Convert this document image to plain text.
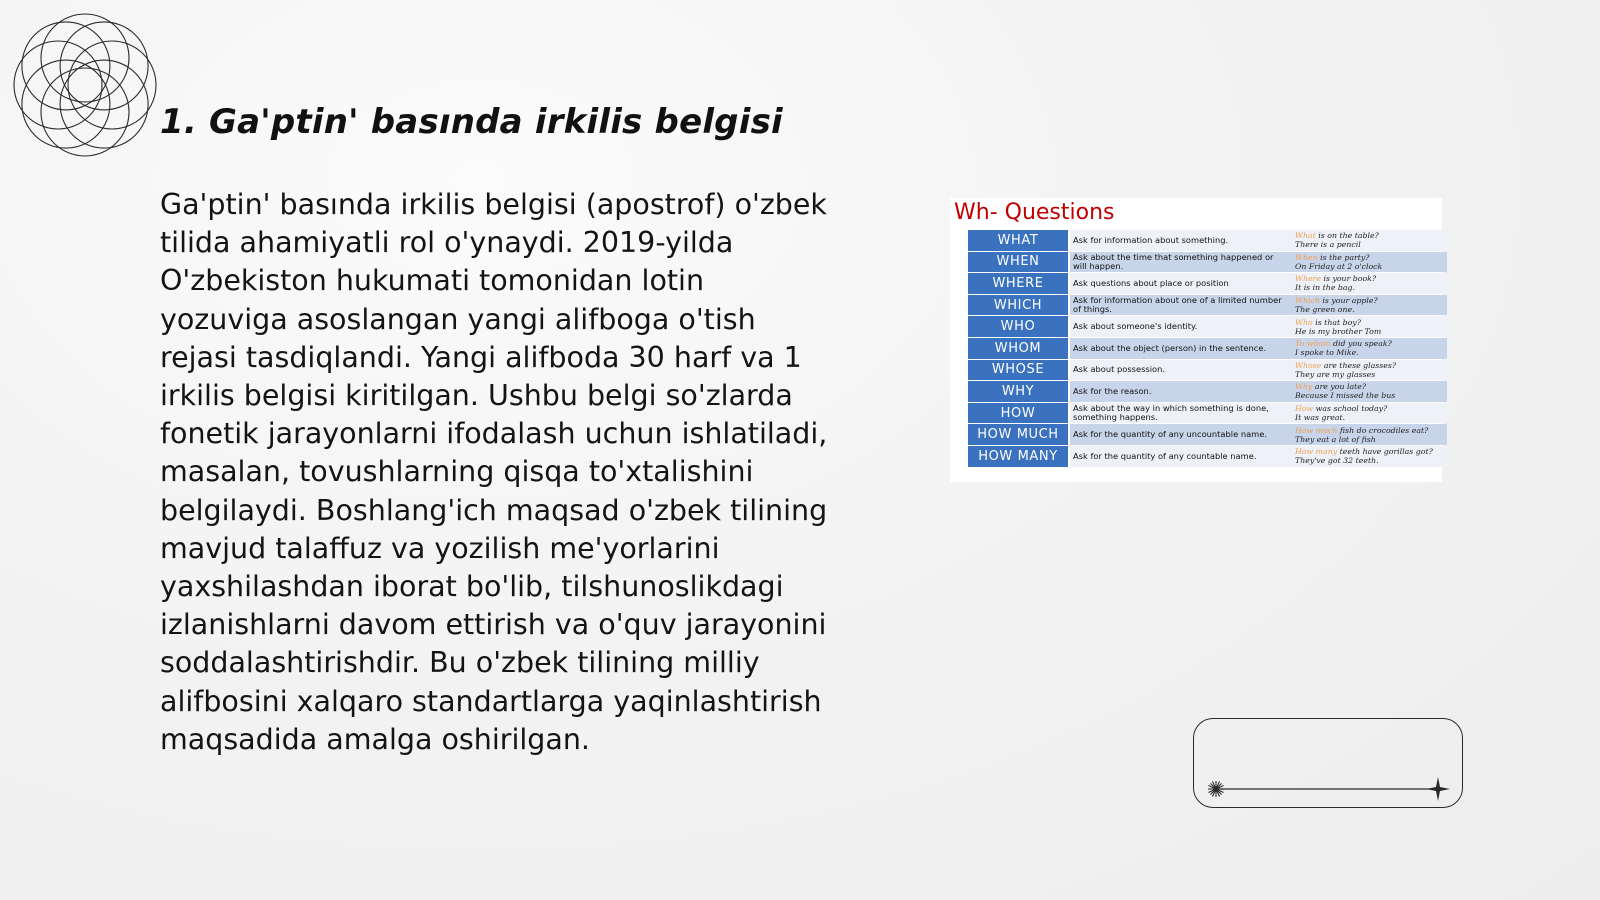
1. Ga'ptin' basında irkilis belgisi

Ga'ptin' basında irkilis belgisi (apostrof) o'zbek tilida ahamiyatli rol o'ynaydi. 2019-yilda O'zbekiston hukumati tomonidan lotin yozuviga asoslangan yangi alifboga o'tish rejasi tasdiqlandi. Yangi alifboda 30 harf va 1 irkilis belgisi kiritilgan. Ushbu belgi so'zlarda fonetik jarayonlarni ifodalash uchun ishlatiladi, masalan, tovushlarning qisqa to'xtalishini belgilaydi. Boshlang'ich maqsad o'zbek tilining mavjud talaffuz va yozilish me'yorlarini yaxshilashdan iborat bo'lib, tilshunoslikdagi izlanishlarni davom ettirish va o'quv jarayonini soddalashtirishdir. Bu o'zbek tilining milliy alifbosini xalqaro standartlarga yaqinlashtirish maqsadida amalga oshirilgan.

Wh- Questions
WHAT	Ask for information about something.	What is on the table?
There is a pencil

WHEN	Ask about the time that something happened or will happen.	When is the party?
On Friday at 2 o'clock

WHERE	Ask questions about place or position	Where is your book?
It is in the bag.

WHICH	Ask for information about one of a limited number of things.	Which is your apple?
The green one.

WHO	Ask about someone's identity.	Who is that boy?
He is my brother Tom

WHOM	Ask about the object (person) in the sentence.	To whom did you speak?
I spoke to Mike.

WHOSE	Ask about possession.	Whose are these glasses?
They are my glasses

WHY	Ask for the reason.	Why are you late?
Because I missed the bus

HOW	Ask about the way in which something is done, something happens.	How was school today?
It was great.

HOW MUCH	Ask for the quantity of any uncountable name.	How much fish do crocodiles eat?
They eat a lot of fish

HOW MANY	Ask for the quantity of any countable name.	How many teeth have gorillas got?
They've got 32 teeth.
